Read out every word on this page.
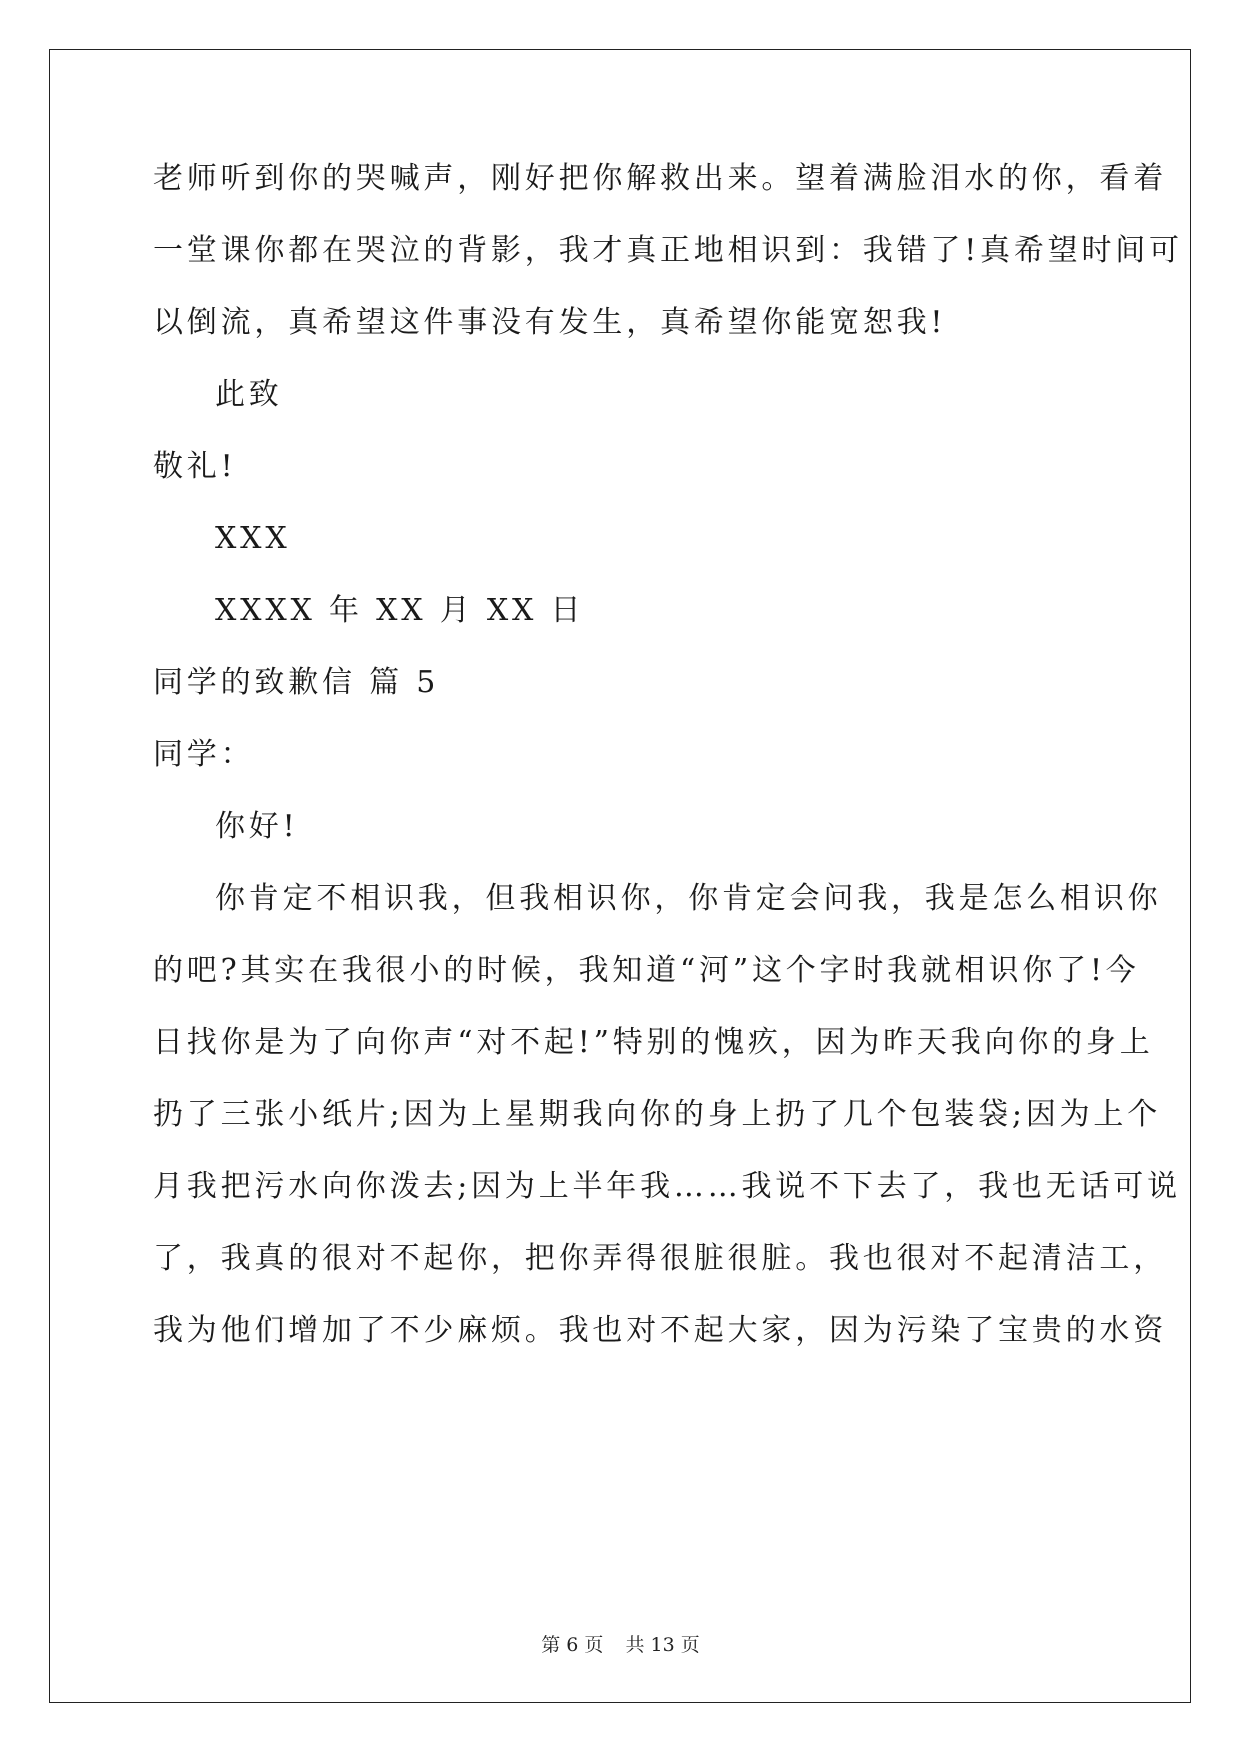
老师听到你的哭喊声，刚好把你解救出来。望着满脸泪水的你，看着
一堂课你都在哭泣的背影，我才真正地相识到：我错了!真希望时间可
以倒流，真希望这件事没有发生，真希望你能宽恕我!
此致
敬礼!
XXX
XXXX 年 XX 月 XX 日
同学的致歉信 篇 5
同学：
你好!
你肯定不相识我，但我相识你，你肯定会问我，我是怎么相识你
的吧?其实在我很小的时候，我知道“河”这个字时我就相识你了!今
日找你是为了向你声“对不起!”特别的愧疚，因为昨天我向你的身上
扔了三张小纸片;因为上星期我向你的身上扔了几个包装袋;因为上个
月我把污水向你泼去;因为上半年我……我说不下去了，我也无话可说
了，我真的很对不起你，把你弄得很脏很脏。我也很对不起清洁工，
我为他们增加了不少麻烦。我也对不起大家，因为污染了宝贵的水资
第 6 页 共 13 页
